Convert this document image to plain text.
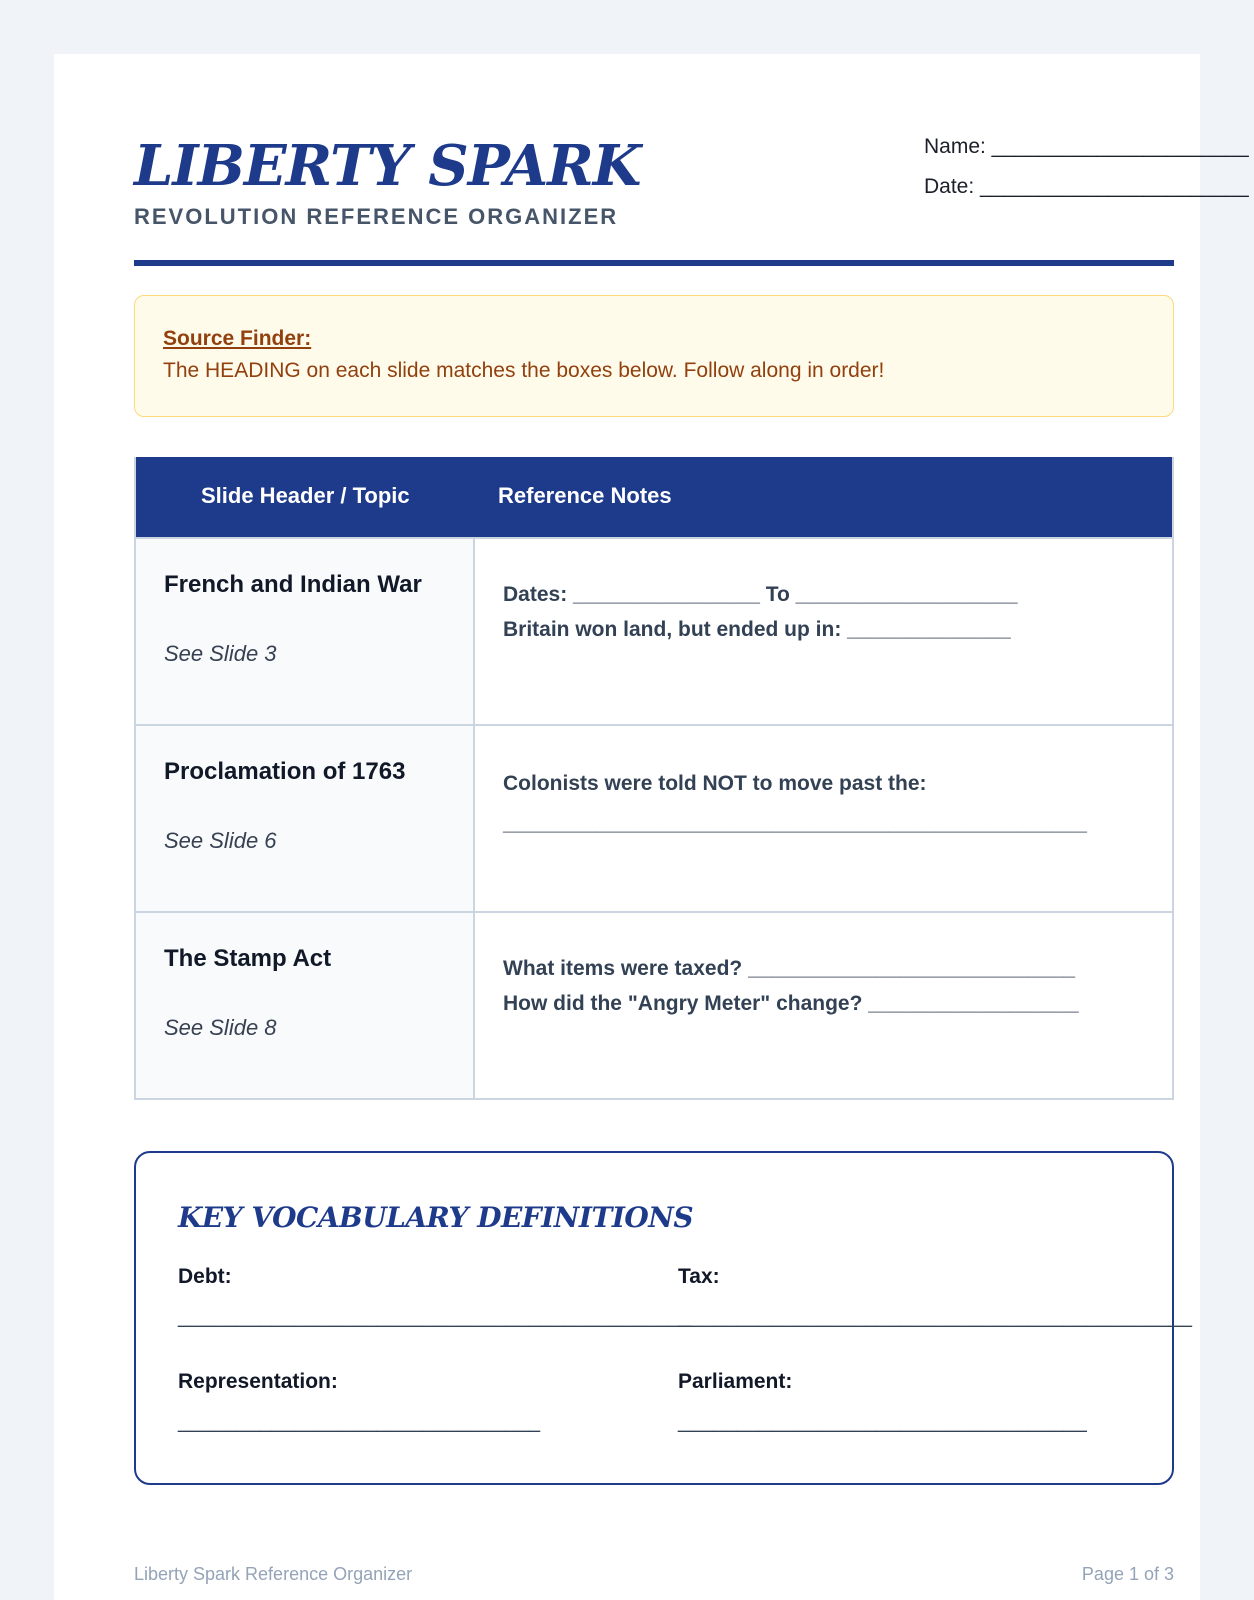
LIBERTY SPARK
REVOLUTION REFERENCE ORGANIZER
Name: ______________________
Date: _______________________
Source Finder:
The HEADING on each slide matches the boxes below. Follow along in order!
Slide Header / Topic	Reference Notes
French and Indian War
See Slide 3
Dates: ________________ To ___________________
Britain won land, but ended up in: ______________
Proclamation of 1763
See Slide 6
Colonists were told NOT to move past the:
__________________________________________________
The Stamp Act
See Slide 8
What items were taxed? ____________________________
How did the "Angry Meter" change? __________________
KEY VOCABULARY DEFINITIONS
Debt:
____________________________________________
Tax:
____________________________________________
Representation:
_______________________________
Parliament:
___________________________________
Liberty Spark Reference Organizer	Page 1 of 3
